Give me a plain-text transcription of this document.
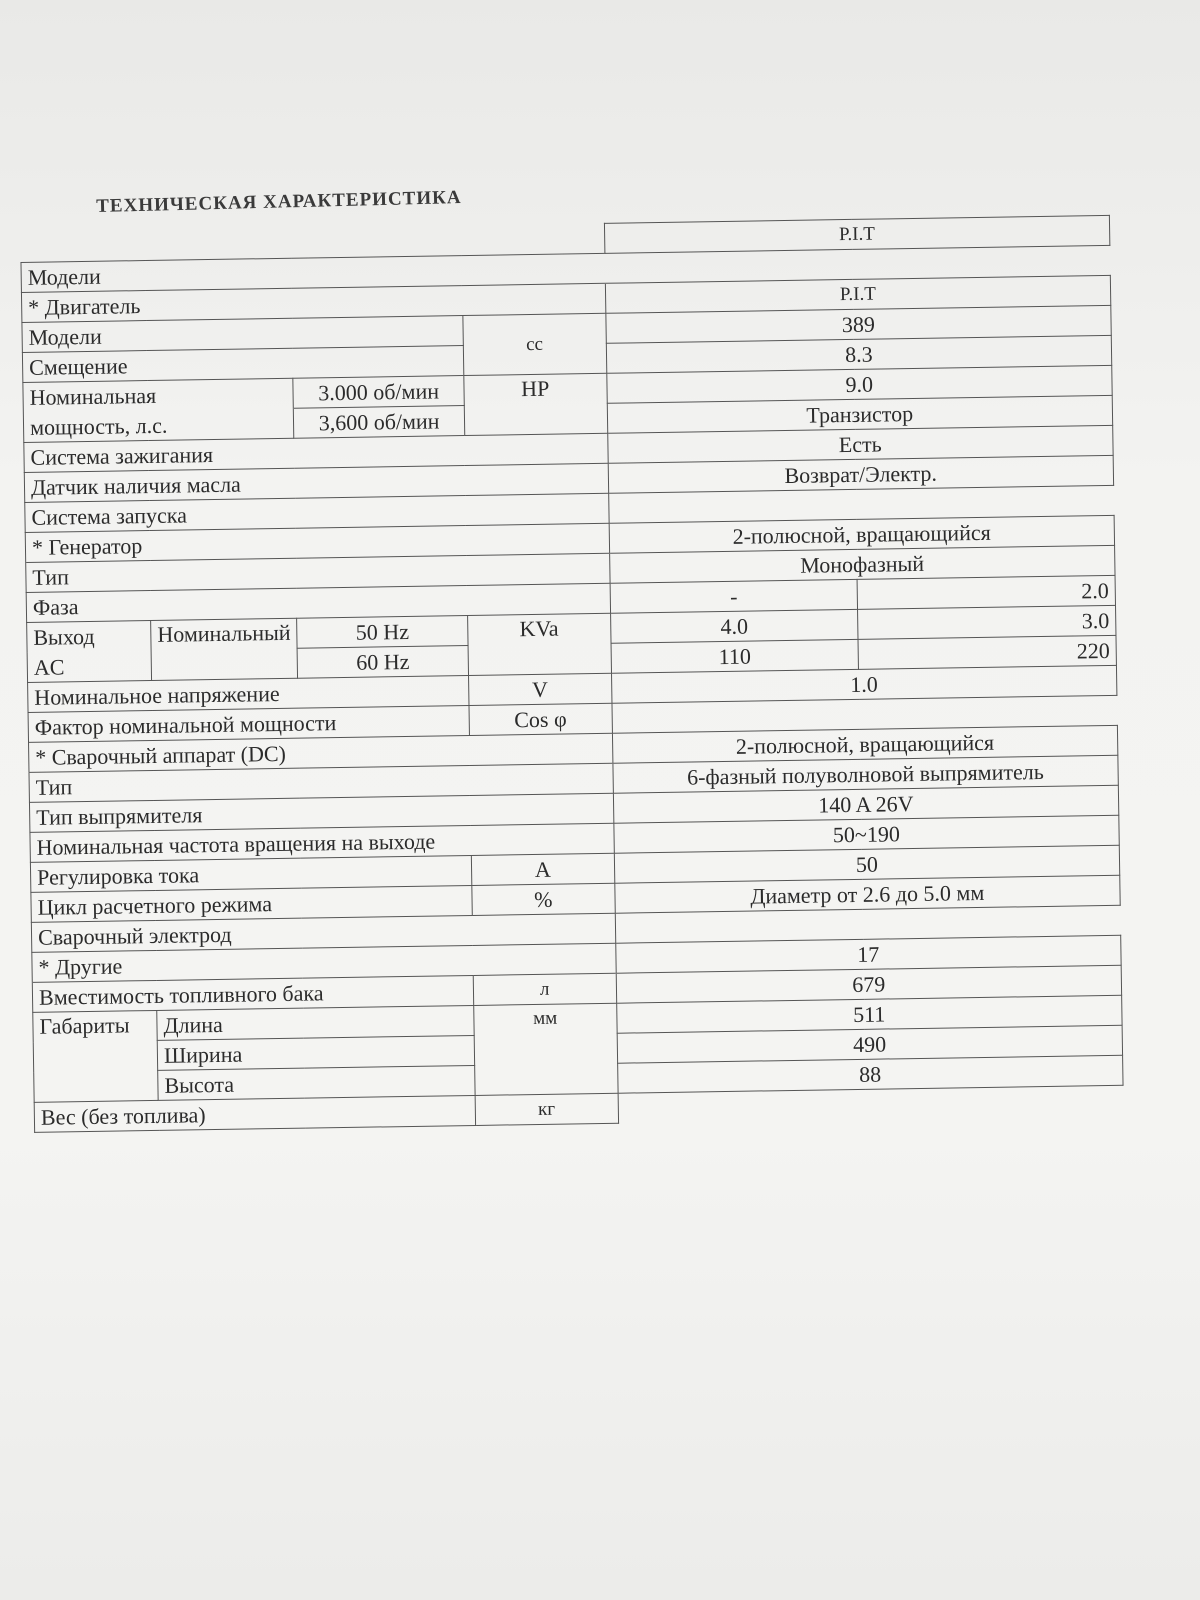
ТЕХНИЧЕСКАЯ ХАРАКТЕРИСТИКА
				P.I.T	
Модели					
* Двигатель				P.I.T	
Модели			cc	389	
Смещение				8.3	
Номинальная		3.000 об/мин	HP	9.0	
мощность, л.с.		3,600 об/мин		Транзистор	
Система зажигания				Есть	
Датчик наличия масла				Возврат/Электр.	
Система запуска					
* Генератор				2-полюсной, вращающийся	
Тип				Монофазный	
Фаза				-	2.0
Выход	Номинальный	50 Hz	KVa	4.0	3.0
AC		60 Hz		110	220
Номинальное напряжение			V	1.0	
Фактор номинальной мощности			Cos φ		
* Сварочный аппарат (DC)				2-полюсной, вращающийся	
Тип				6-фазный полуволновой выпрямитель	
Тип выпрямителя				140 A 26V	
Номинальная частота вращения на выходе				50~190	
Регулировка тока			A	50	
Цикл расчетного режима			%	Диаметр от 2.6 до 5.0 мм	
Сварочный электрод					
* Другие				17	
Вместимость топливного бака			л	679	
Габариты	Длина		мм	511	
	Ширина			490	
	Высота			88	
Вес (без топлива)			кг		
